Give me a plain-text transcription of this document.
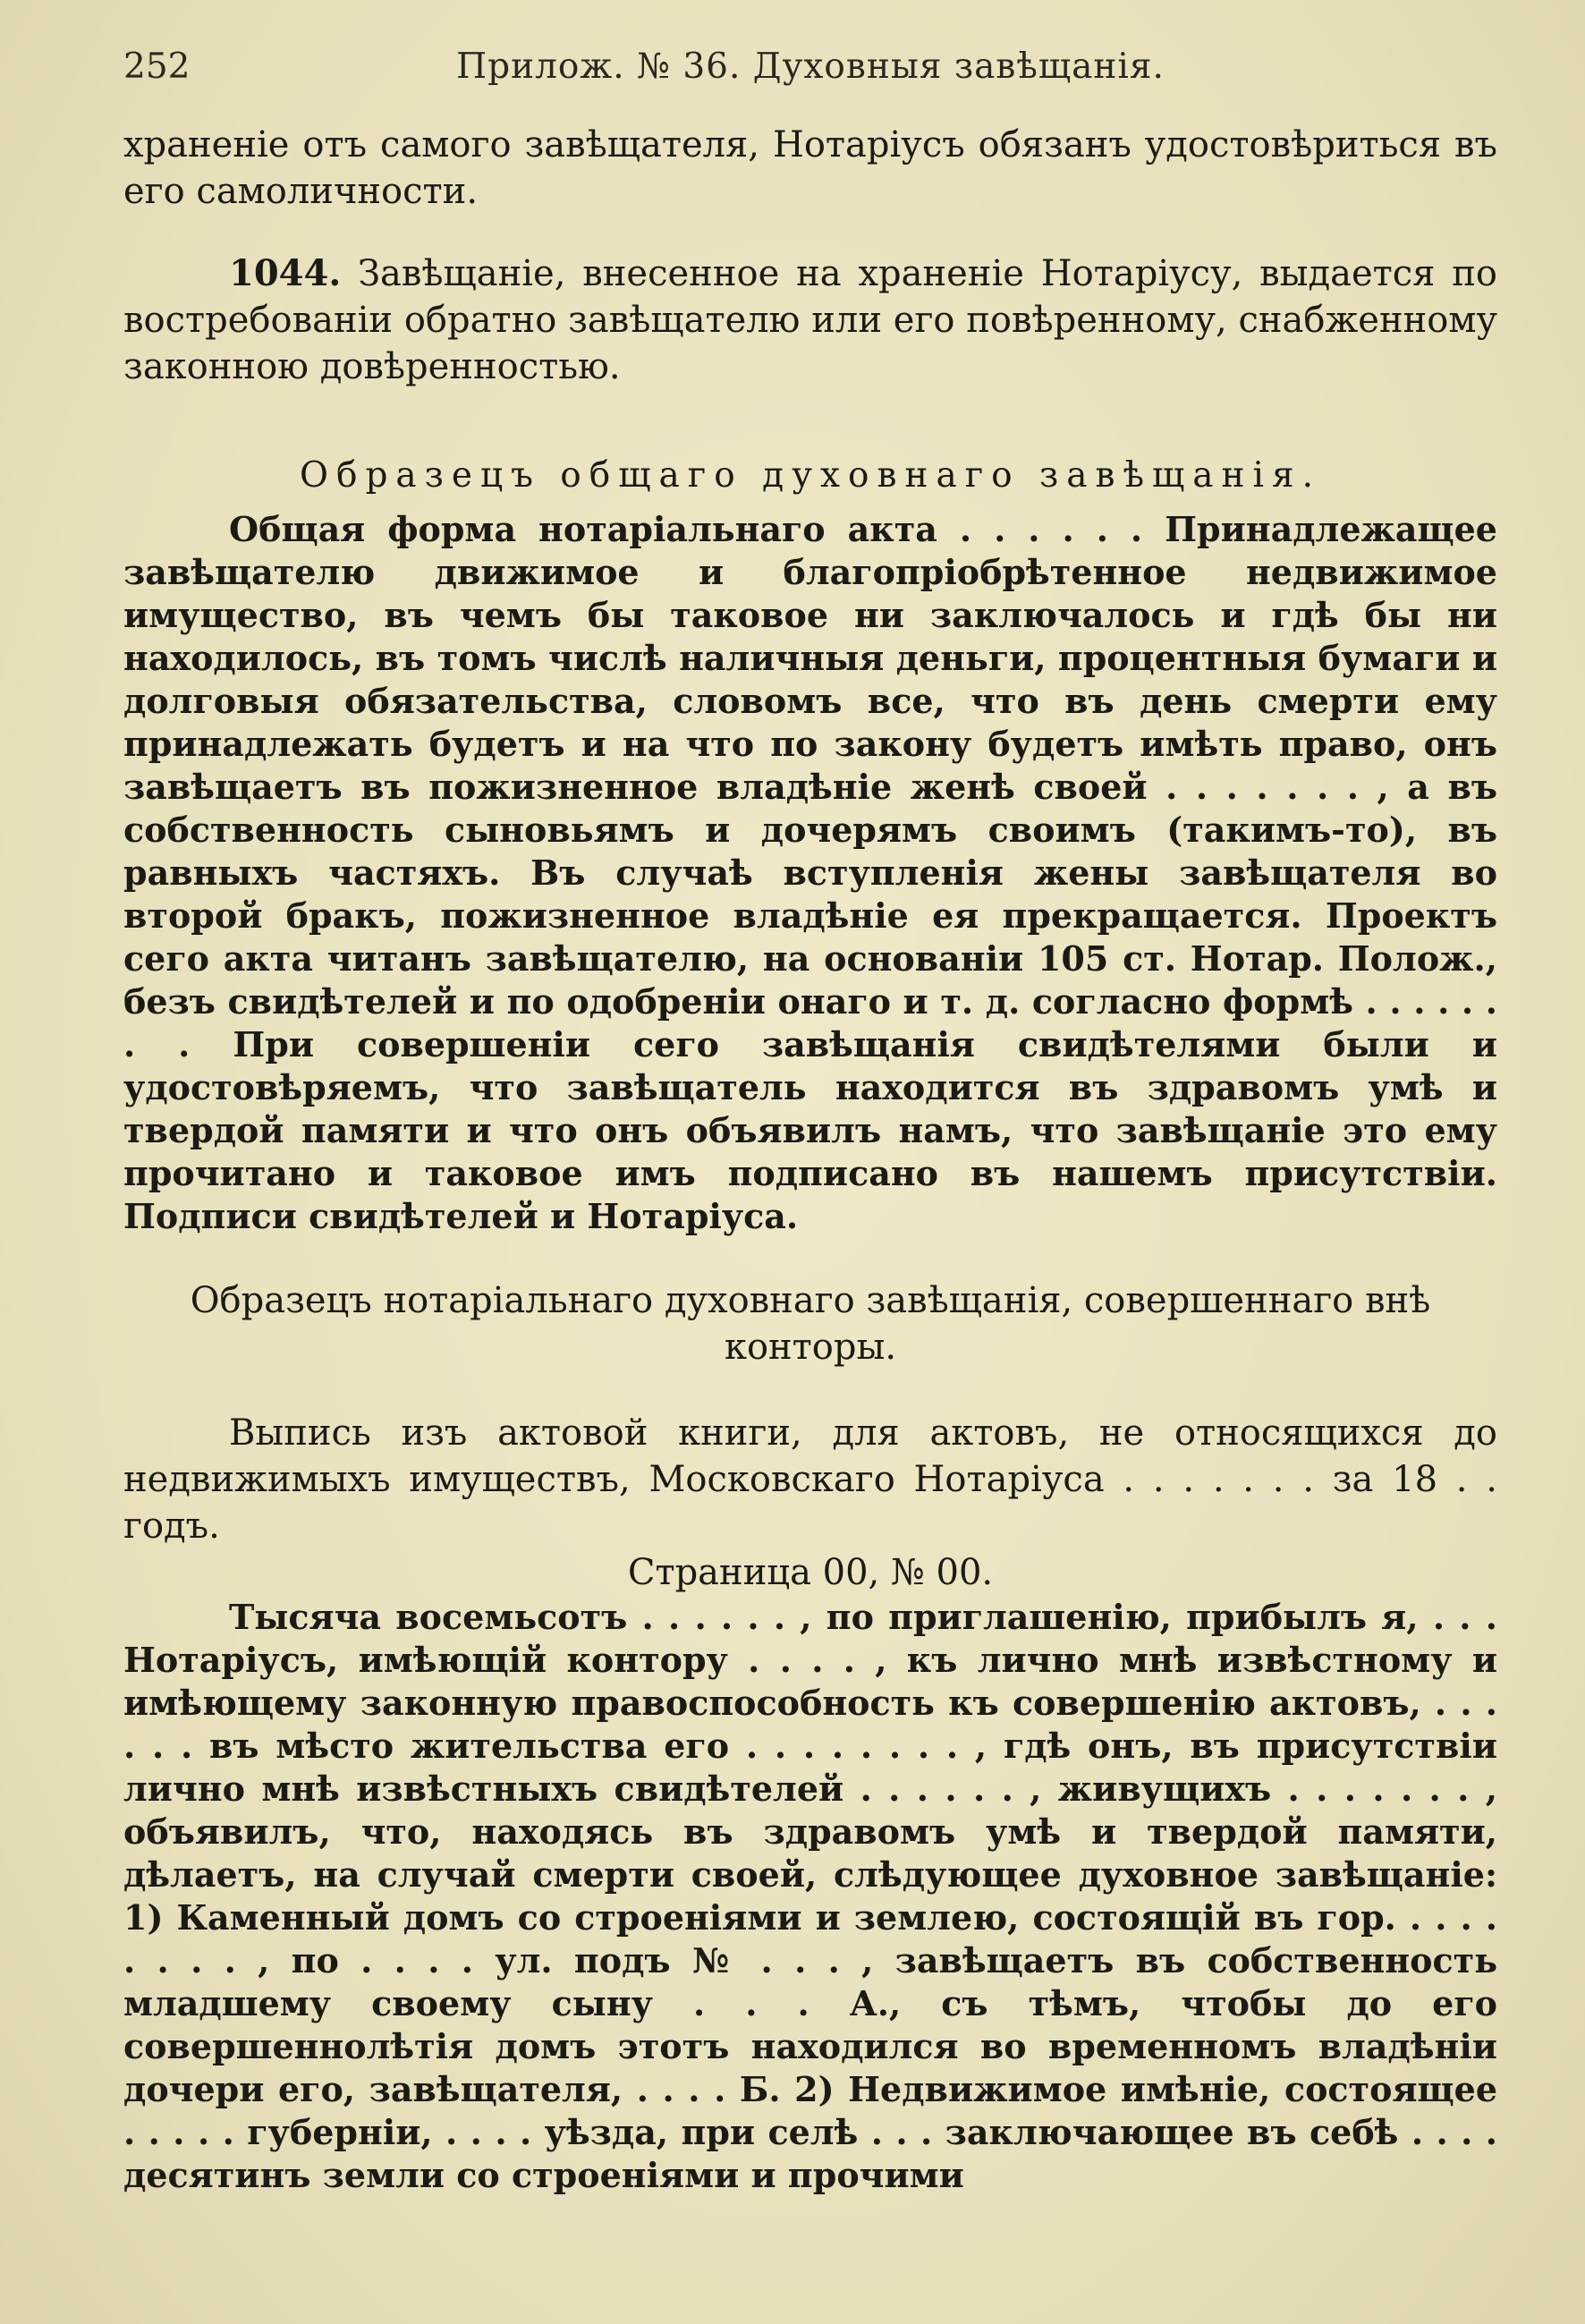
252	Прилож. № 36. Духовныя завѣщанія.

храненіе отъ самого завѣщателя, Нотаріусъ обязанъ удостовѣриться въ его самоличности.

1044. Завѣщаніе, внесенное на храненіе Нотаріусу, выдается по востребованіи обратно завѣщателю или его повѣренному, снабженному законною довѣренностью.

Образецъ общаго духовнаго завѣщанія.

Общая форма нотаріальнаго акта . . . . . . Принадлежащее завѣщателю движимое и благопріобрѣтенное недвижимое имущество, въ чемъ бы таковое ни заключалось и гдѣ бы ни находилось, въ томъ числѣ наличныя деньги, процентныя бумаги и долговыя обязательства, словомъ все, что въ день смерти ему принадлежать будетъ и на что по закону будетъ имѣть право, онъ завѣщаетъ въ пожизненное владѣніе женѣ своей . . . . . . . , а въ собственность сыновьямъ и дочерямъ своимъ (такимъ-то), въ равныхъ частяхъ. Въ случаѣ вступленія жены завѣщателя во второй бракъ, пожизненное владѣніе ея прекращается. Проектъ сего акта читанъ завѣщателю, на основаніи 105 ст. Нотар. Полож., безъ свидѣтелей и по одобреніи онаго и т. д. согласно формѣ . . . . . . . . При совершеніи сего завѣщанія свидѣтелями были и удостовѣряемъ, что завѣщатель находится въ здравомъ умѣ и твердой памяти и что онъ объявилъ намъ, что завѣщаніе это ему прочитано и таковое имъ подписано въ нашемъ присутствіи. Подписи свидѣтелей и Нотаріуса.

Образецъ нотаріальнаго духовнаго завѣщанія, совершеннаго внѣ конторы.

Выпись изъ актовой книги, для актовъ, не относящихся до недвижимыхъ имуществъ, Московскаго Нотаріуса . . . . . . . за 18 . . годъ.

Страница 00, № 00.

Тысяча восемьсотъ . . . . . . , по приглашенію, прибылъ я, . . . Нотаріусъ, имѣющій контору . . . . , къ лично мнѣ извѣстному и имѣющему законную правоспособность къ совершенію актовъ, . . . . . . въ мѣсто жительства его . . . . . . . . , гдѣ онъ, въ присутствіи лично мнѣ извѣстныхъ свидѣтелей . . . . . . , живущихъ . . . . . . . , объявилъ, что, находясь въ здравомъ умѣ и твердой памяти, дѣлаетъ, на случай смерти своей, слѣдующее духовное завѣщаніе: 1) Каменный домъ со строеніями и землею, состоящій въ гор. . . . . . . . . , по . . . . ул. подъ № . . . , завѣщаетъ въ собственность младшему своему сыну . . . А., съ тѣмъ, чтобы до его совершеннолѣтія домъ этотъ находился во временномъ владѣніи дочери его, завѣщателя, . . . . Б. 2) Недвижимое имѣніе, состоящее . . . . . губерніи, . . . . уѣзда, при селѣ . . . заключающее въ себѣ . . . . десятинъ земли со строеніями и прочими
